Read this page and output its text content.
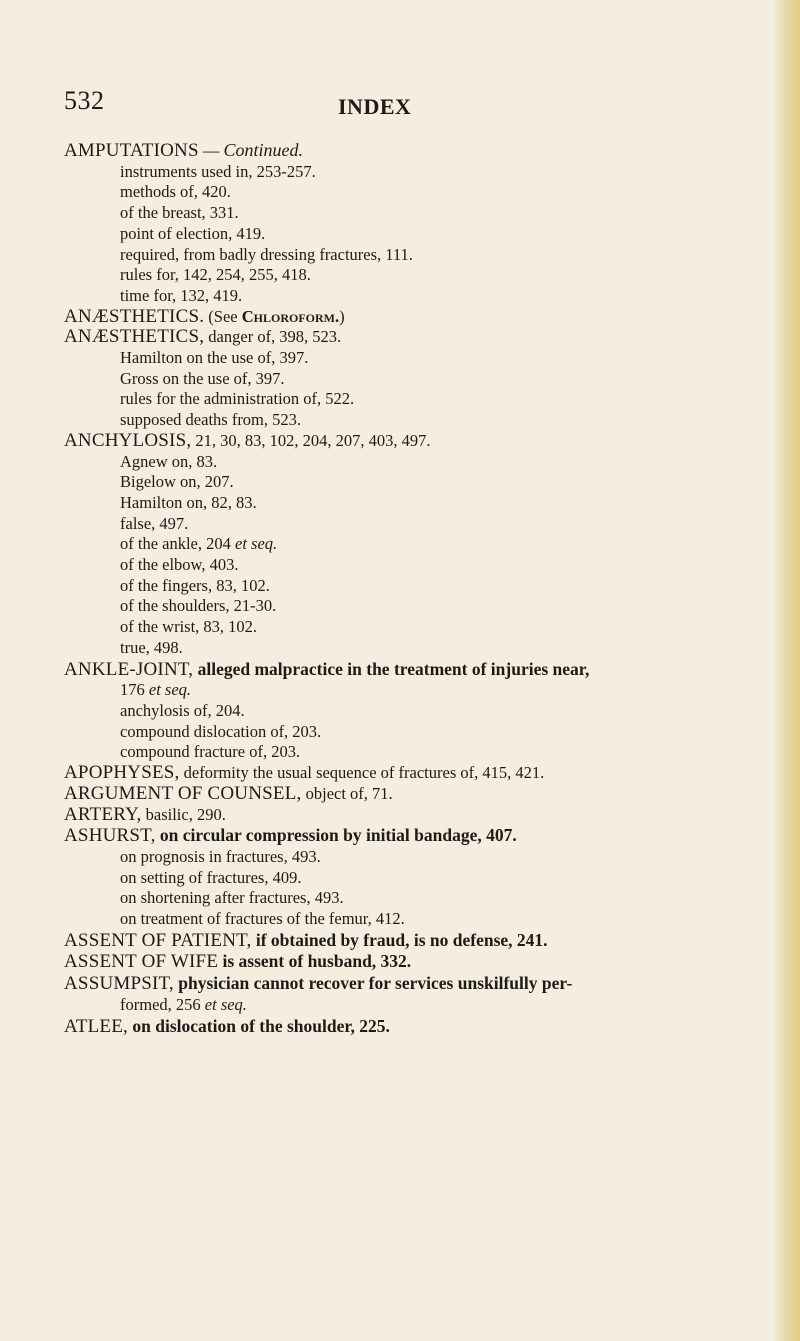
532	INDEX
AMPUTATIONS — Continued.
instruments used in, 253-257.
methods of, 420.
of the breast, 331.
point of election, 419.
required, from badly dressing fractures, 111.
rules for, 142, 254, 255, 418.
time for, 132, 419.
ANÆSTHETICS. (See Chloroform.)
ANÆSTHETICS, danger of, 398, 523.
Hamilton on the use of, 397.
Gross on the use of, 397.
rules for the administration of, 522.
supposed deaths from, 523.
ANCHYLOSIS, 21, 30, 83, 102, 204, 207, 403, 497.
Agnew on, 83.
Bigelow on, 207.
Hamilton on, 82, 83.
false, 497.
of the ankle, 204 et seq.
of the elbow, 403.
of the fingers, 83, 102.
of the shoulders, 21-30.
of the wrist, 83, 102.
true, 498.
ANKLE-JOINT, alleged malpractice in the treatment of injuries near,
176 et seq.
anchylosis of, 204.
compound dislocation of, 203.
compound fracture of, 203.
APOPHYSES, deformity the usual sequence of fractures of, 415, 421.
ARGUMENT OF COUNSEL, object of, 71.
ARTERY, basilic, 290.
ASHURST, on circular compression by initial bandage, 407.
on prognosis in fractures, 493.
on setting of fractures, 409.
on shortening after fractures, 493.
on treatment of fractures of the femur, 412.
ASSENT OF PATIENT, if obtained by fraud, is no defense, 241.
ASSENT OF WIFE is assent of husband, 332.
ASSUMPSIT, physician cannot recover for services unskilfully per-
formed, 256 et seq.
ATLEE, on dislocation of the shoulder, 225.
